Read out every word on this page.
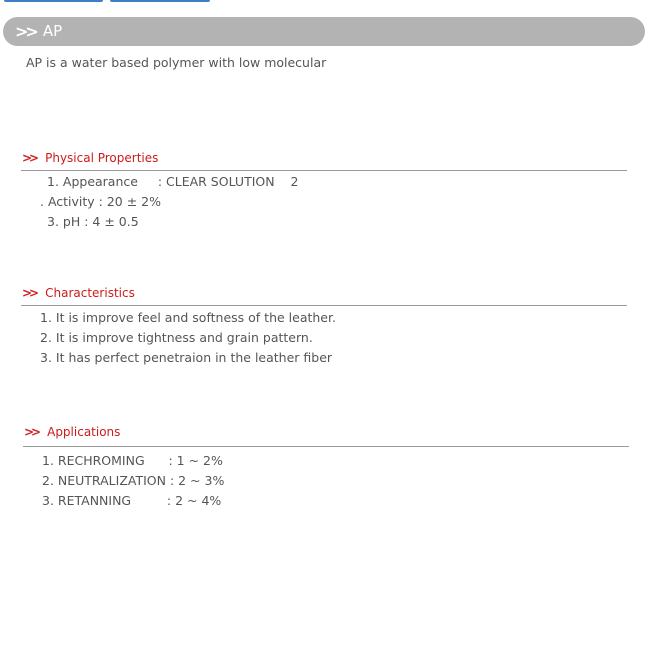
>> AP
AP is a water based polymer with low molecular
>> Physical Properties
1. Appearance     : CLEAR SOLUTION    2
. Activity : 20 ± 2%
3. pH : 4 ± 0.5
>> Characteristics
1. It is improve feel and softness of the leather.
2. It is improve tightness and grain pattern.
3. It has perfect penetraion in the leather fiber
>> Applications
1. RECHROMING      : 1 ~ 2%
2. NEUTRALIZATION : 2 ~ 3%
3. RETANNING         : 2 ~ 4%
